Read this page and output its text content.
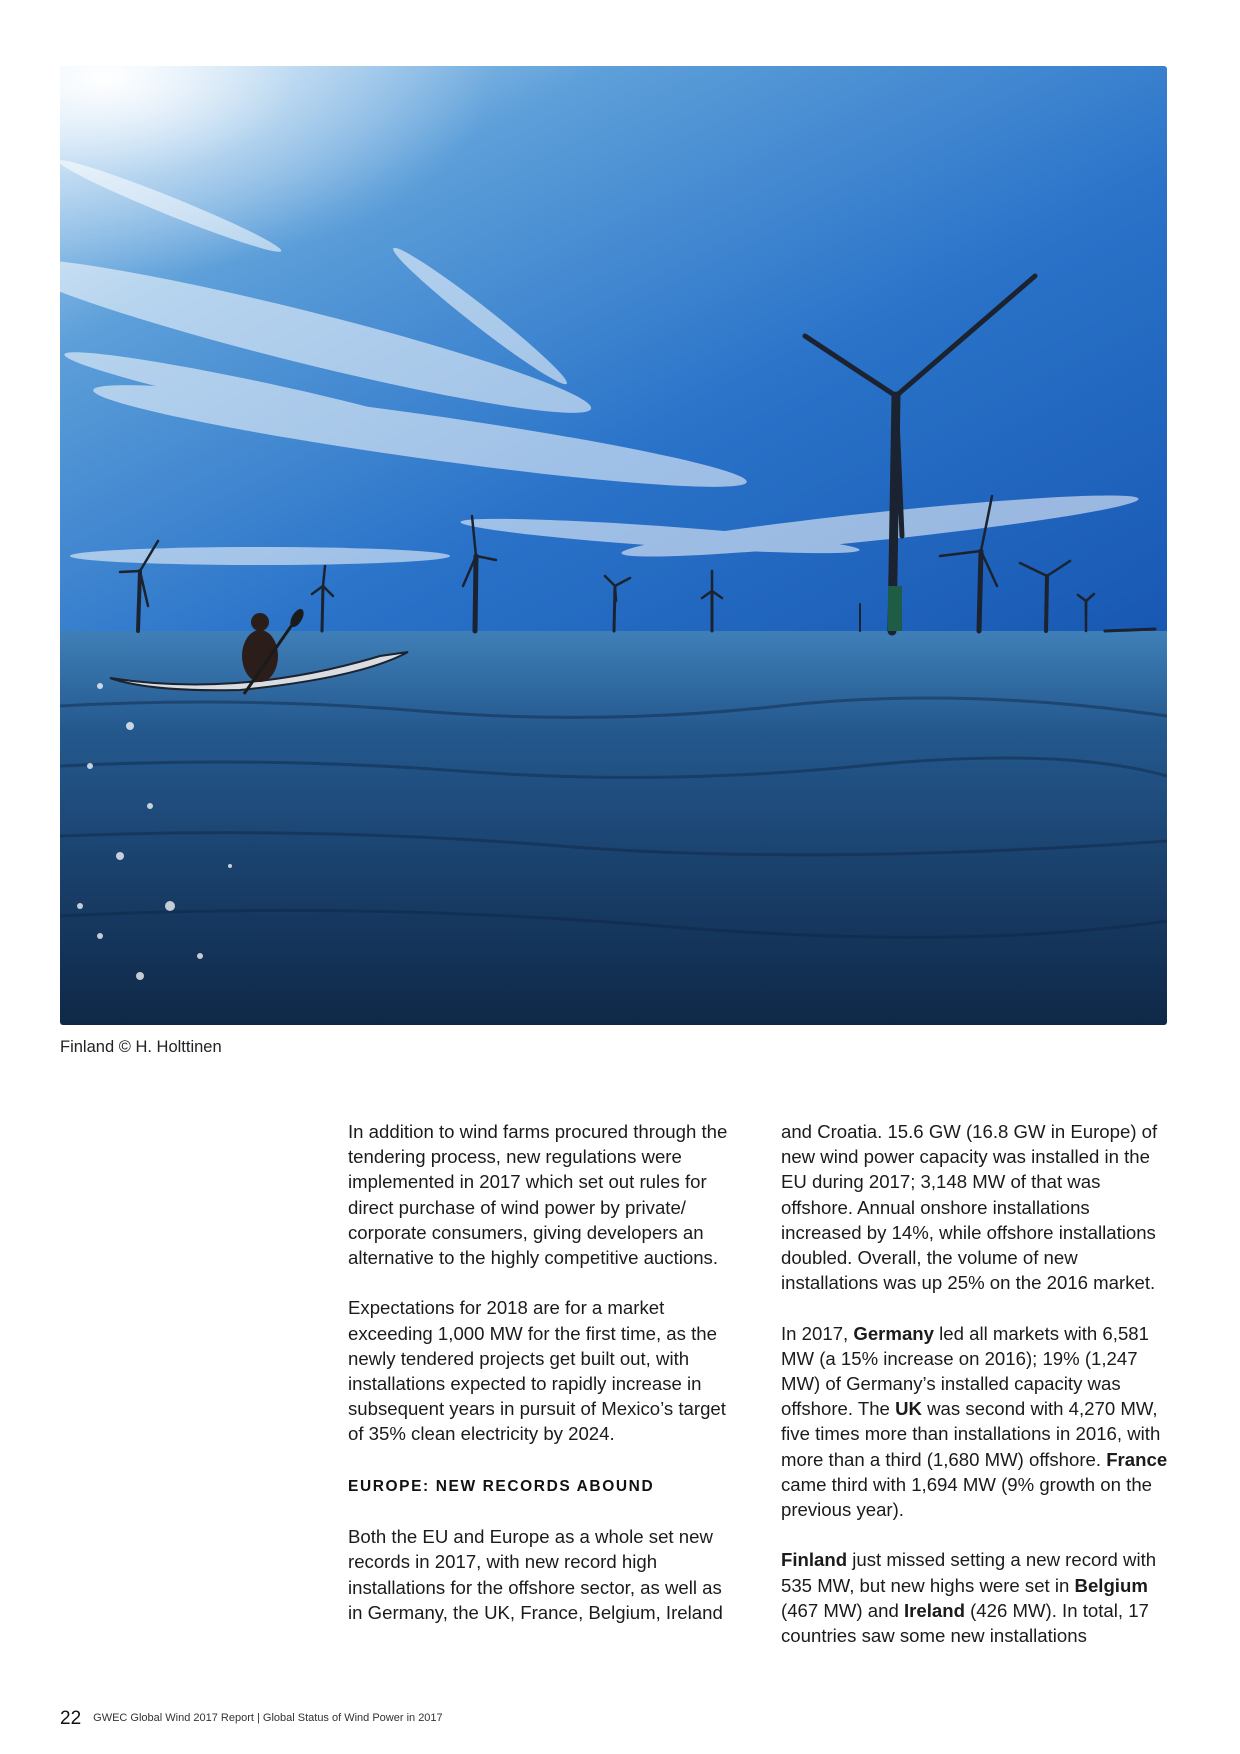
Finland © H. Holttinen

In addition to wind farms procured through the tendering process, new regulations were implemented in 2017 which set out rules for direct purchase of wind power by private/ corporate consumers, giving developers an alternative to the highly competitive auctions.

Expectations for 2018 are for a market exceeding 1,000 MW for the first time, as the newly tendered projects get built out, with installations expected to rapidly increase in subsequent years in pursuit of Mexico’s target of 35% clean electricity by 2024.

EUROPE: NEW RECORDS ABOUND

Both the EU and Europe as a whole set new records in 2017, with new record high installations for the offshore sector, as well as in Germany, the UK, France, Belgium, Ireland

and Croatia. 15.6 GW (16.8 GW in Europe) of new wind power capacity was installed in the EU during 2017; 3,148 MW of that was offshore. Annual onshore installations increased by 14%, while offshore installations doubled. Overall, the volume of new installations was up 25% on the 2016 market.

In 2017, Germany led all markets with 6,581 MW (a 15% increase on 2016); 19% (1,247 MW) of Germany’s installed capacity was offshore. The UK was second with 4,270 MW, five times more than installations in 2016, with more than a third (1,680 MW) offshore. France came third with 1,694 MW (9% growth on the previous year).

Finland just missed setting a new record with 535 MW, but new highs were set in Belgium (467 MW) and Ireland (426 MW). In total, 17 countries saw some new installations

22 GWEC Global Wind 2017 Report | Global Status of Wind Power in 2017
